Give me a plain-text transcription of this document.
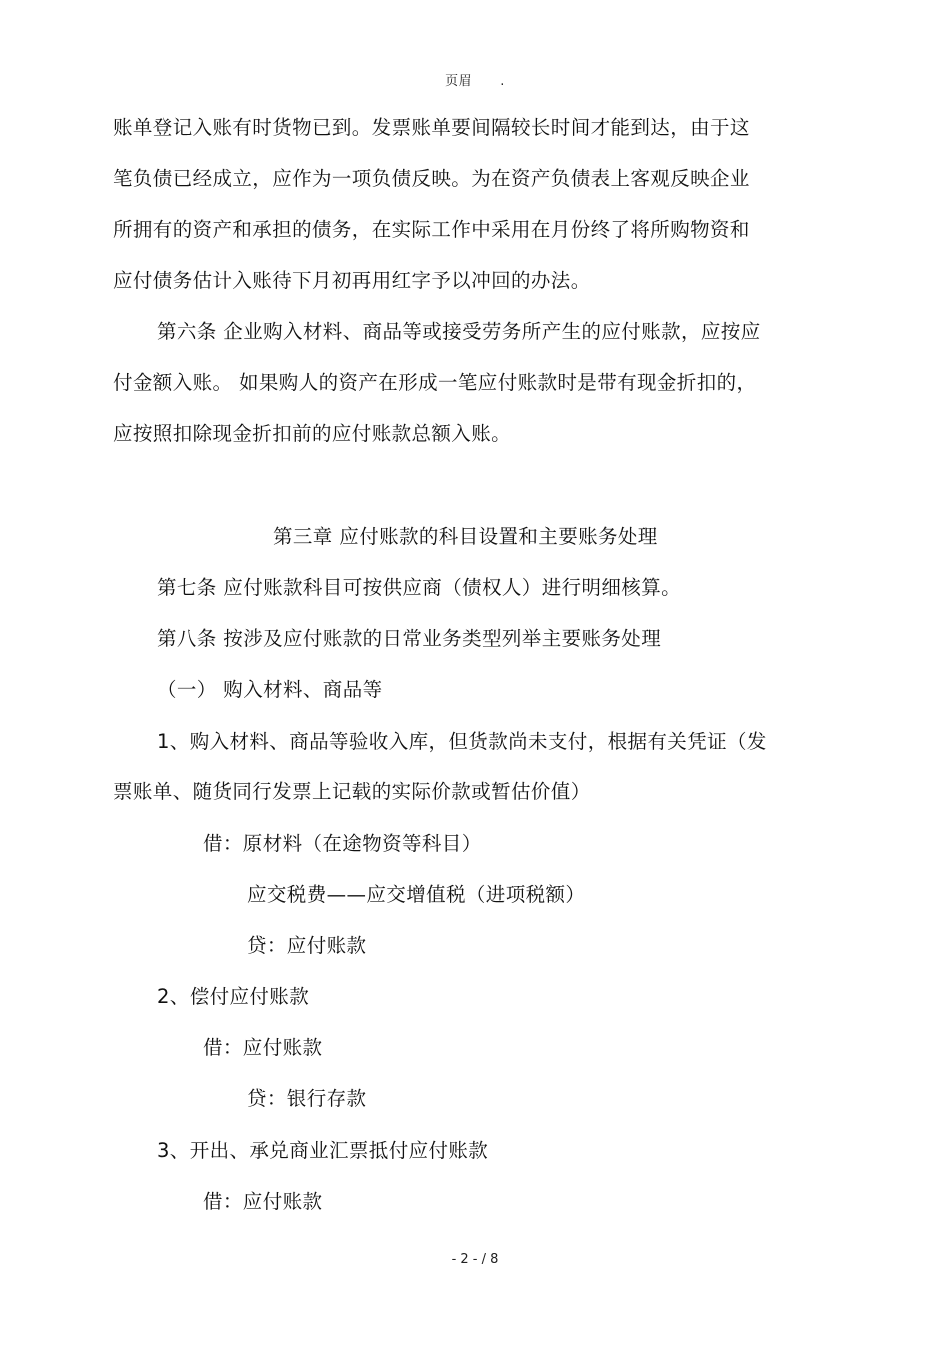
页眉 .
账单登记入账有时货物已到。发票账单要间隔较长时间才能到达，由于这
笔负债已经成立，应作为一项负债反映。为在资产负债表上客观反映企业
所拥有的资产和承担的债务，在实际工作中采用在月份终了将所购物资和
应付债务估计入账待下月初再用红字予以冲回的办法。
第六条 企业购入材料、商品等或接受劳务所产生的应付账款，应按应
付金额入账。 如果购人的资产在形成一笔应付账款时是带有现金折扣的，
应按照扣除现金折扣前的应付账款总额入账。
第三章 应付账款的科目设置和主要账务处理
第七条 应付账款科目可按供应商（债权人）进行明细核算。
第八条 按涉及应付账款的日常业务类型列举主要账务处理
（一） 购入材料、商品等
1、购入材料、商品等验收入库，但货款尚未支付，根据有关凭证（发
票账单、随货同行发票上记载的实际价款或暂估价值）
借：原材料（在途物资等科目）
应交税费——应交增值税（进项税额）
贷：应付账款
2、偿付应付账款
借：应付账款
贷：银行存款
3、开出、承兑商业汇票抵付应付账款
借：应付账款
- 2 - / 8
